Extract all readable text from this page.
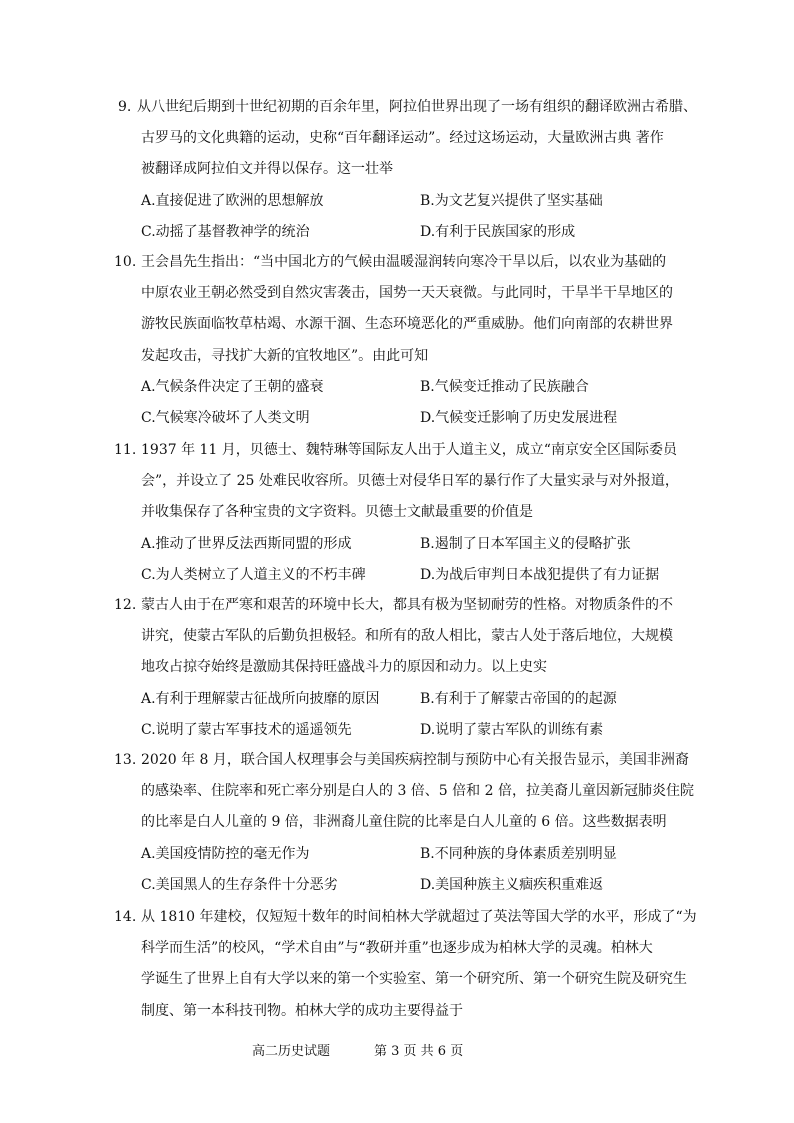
9. 从八世纪后期到十世纪初期的百余年里，阿拉伯世界出现了一场有组织的翻译欧洲古希腊、
古罗马的文化典籍的运动，史称“百年翻译运动”。经过这场运动，大量欧洲古典 著作
被翻译成阿拉伯文并得以保存。这一壮举
A.直接促进了欧洲的思想解放	B.为文艺复兴提供了坚实基础
C.动摇了基督教神学的统治	D.有利于民族国家的形成
10. 王会昌先生指出：“当中国北方的气候由温暖湿润转向寒冷干旱以后，以农业为基础的
中原农业王朝必然受到自然灾害袭击，国势一天天衰微。与此同时，干旱半干旱地区的
游牧民族面临牧草枯竭、水源干涸、生态环境恶化的严重威胁。他们向南部的农耕世界
发起攻击，寻找扩大新的宜牧地区”。由此可知
A.气候条件决定了王朝的盛衰	B.气候变迁推动了民族融合
C.气候寒冷破坏了人类文明	D.气候变迁影响了历史发展进程
11. 1937 年 11 月，贝德士、魏特琳等国际友人出于人道主义，成立“南京安全区国际委员
会”，并设立了 25 处难民收容所。贝德士对侵华日军的暴行作了大量实录与对外报道，
并收集保存了各种宝贵的文字资料。贝德士文献最重要的价值是
A.推动了世界反法西斯同盟的形成	B.遏制了日本军国主义的侵略扩张
C.为人类树立了人道主义的不朽丰碑	D.为战后审判日本战犯提供了有力证据
12. 蒙古人由于在严寒和艰苦的环境中长大，都具有极为坚韧耐劳的性格。对物质条件的不
讲究，使蒙古军队的后勤负担极轻。和所有的敌人相比，蒙古人处于落后地位，大规模
地攻占掠夺始终是激励其保持旺盛战斗力的原因和动力。以上史实
A.有利于理解蒙古征战所向披靡的原因	B.有利于了解蒙古帝国的的起源
C.说明了蒙古军事技术的遥遥领先	D.说明了蒙古军队的训练有素
13. 2020 年 8 月，联合国人权理事会与美国疾病控制与预防中心有关报告显示，美国非洲裔
的感染率、住院率和死亡率分别是白人的 3 倍、5 倍和 2 倍，拉美裔儿童因新冠肺炎住院
的比率是白人儿童的 9 倍，非洲裔儿童住院的比率是白人儿童的 6 倍。这些数据表明
A.美国疫情防控的毫无作为	B.不同种族的身体素质差别明显
C.美国黑人的生存条件十分恶劣	D.美国种族主义痼疾积重难返
14. 从 1810 年建校，仅短短十数年的时间柏林大学就超过了英法等国大学的水平，形成了“为
科学而生活”的校风，“学术自由”与“教研并重”也逐步成为柏林大学的灵魂。柏林大
学诞生了世界上自有大学以来的第一个实验室、第一个研究所、第一个研究生院及研究生
制度、第一本科技刊物。柏林大学的成功主要得益于
高二历史试题	第 3 页 共 6 页
